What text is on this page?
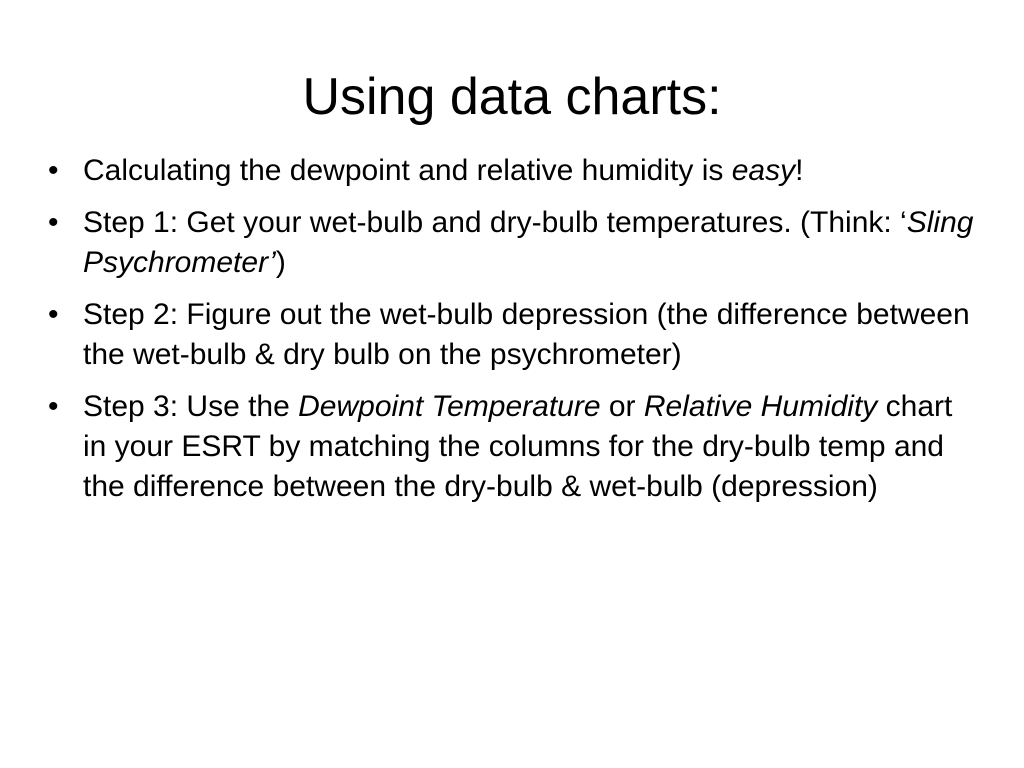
Using data charts:
• Calculating the dewpoint and relative humidity is easy!
• Step 1: Get your wet-bulb and dry-bulb temperatures. (Think: ‘Sling Psychrometer’)
• Step 2: Figure out the wet-bulb depression (the difference between the wet-bulb & dry bulb on the psychrometer)
• Step 3: Use the Dewpoint Temperature or Relative Humidity chart in your ESRT by matching the columns for the dry-bulb temp and the difference between the dry-bulb & wet-bulb (depression)
